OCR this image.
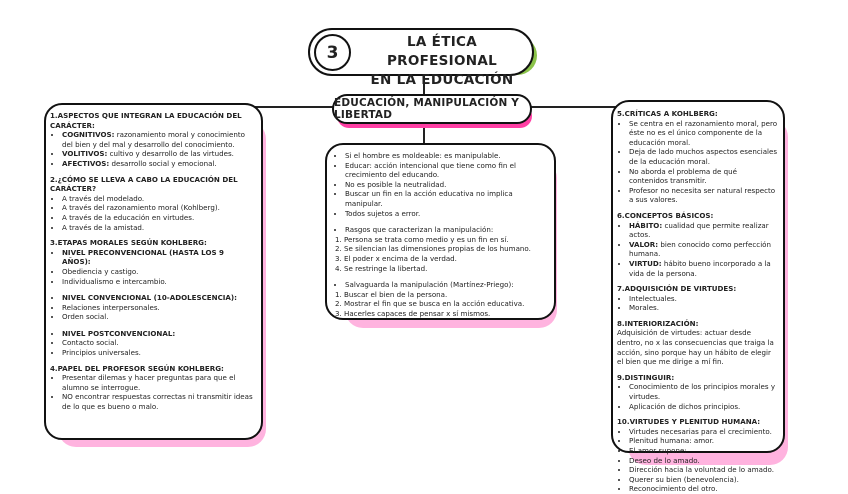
3
LA ÉTICA PROFESIONAL
EN LA EDUCACIÓN
EDUCACIÓN, MANIPULACIÓN Y LIBERTAD
1.ASPECTOS QUE INTEGRAN LA EDUCACIÓN DEL CARÁCTER:
• COGNITIVOS: razonamiento moral y conocimiento del bien y del mal y desarrollo del conocimiento.
• VOLITIVOS: cultivo y desarrollo de las virtudes.
• AFECTIVOS: desarrollo social y emocional.
2.¿CÓMO SE LLEVA A CABO LA EDUCACIÓN DEL CARÁCTER?
• A través del modelado.
• A través del razonamiento moral (Kohlberg).
• A través de la educación en virtudes.
• A través de la amistad.
3.ETAPAS MORALES SEGÚN KOHLBERG:
• NIVEL PRECONVENCIONAL (HASTA LOS 9 AÑOS):
• Obediencia y castigo.
• Individualismo e intercambio.
• NIVEL CONVENCIONAL (10-ADOLESCENCIA):
• Relaciones interpersonales.
• Orden social.
• NIVEL POSTCONVENCIONAL:
• Contacto social.
• Principios universales.
4.PAPEL DEL PROFESOR SEGÚN KOHLBERG:
• Presentar dilemas y hacer preguntas para que el alumno se interrogue.
• NO encontrar respuestas correctas ni transmitir ideas de lo que es bueno o malo.
• Si el hombre es moldeable: es manipulable.
• Educar: acción intencional que tiene como fin el crecimiento del educando.
• No es posible la neutralidad.
• Buscar un fin en la acción educativa no implica manipular.
• Todos sujetos a error.
• Rasgos que caracterizan la manipulación:
1. Persona se trata como medio y es un fin en sí.
2. Se silencian las dimensiones propias de los humano.
3. El poder x encima de la verdad.
4. Se restringe la libertad.
• Salvaguarda la manipulación (Martínez-Priego):
1. Buscar el bien de la persona.
2. Mostrar el fin que se busca en la acción educativa.
3. Hacerles capaces de pensar x sí mismos.
5.CRÍTICAS A KOHLBERG:
• Se centra en el razonamiento moral, pero éste no es el único componente de la educación moral.
• Deja de lado muchos aspectos esenciales de la educación moral.
• No aborda el problema de qué contenidos transmitir.
• Profesor no necesita ser natural respecto a sus valores.
6.CONCEPTOS BÁSICOS:
• HÁBITO: cualidad que permite realizar actos.
• VALOR: bien conocido como perfección humana.
• VIRTUD: hábito bueno incorporado a la vida de la persona.
7.ADQUISICIÓN DE VIRTUDES:
• Intelectuales.
• Morales.
8.INTERIORIZACIÓN:
Adquisición de virtudes: actuar desde dentro, no x las consecuencias que traiga la acción, sino porque hay un hábito de elegir el bien que me dirige a mí fin.
9.DISTINGUIR:
• Conocimiento de los principios morales y virtudes.
• Aplicación de dichos principios.
10.VIRTUDES Y PLENITUD HUMANA:
• Virtudes necesarias para el crecimiento.
• Plenitud humana: amor.
• El amor supone:
• Deseo de lo amado.
• Dirección hacia la voluntad de lo amado.
• Querer su bien (benevolencia).
• Reconocimiento del otro.
